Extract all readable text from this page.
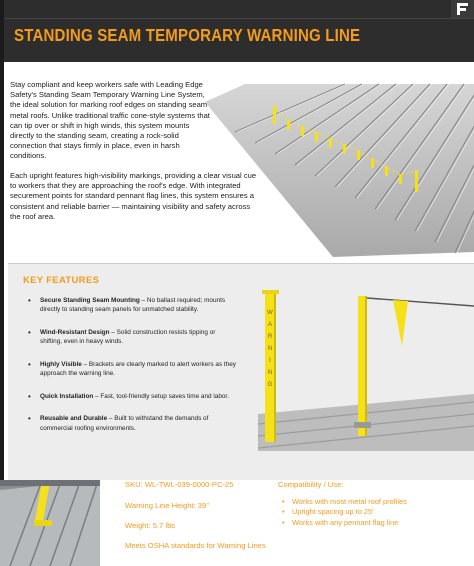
STANDING SEAM TEMPORARY WARNING LINE

Stay compliant and keep workers safe with Leading Edge Safety's Standing Seam Temporary Warning Line System, the ideal solution for marking roof edges on standing seam metal roofs. Unlike traditional traffic cone-style systems that can tip over or shift in high winds, this system mounts directly to the standing seam, creating a rock-solid connection that stays firmly in place, even in harsh conditions.

Each upright features high-visibility markings, providing a clear visual cue to workers that they are approaching the roof's edge. With integrated securement points for standard pennant flag lines, this system ensures a consistent and reliable barrier — maintaining visibility and safety across the roof area.
KEY FEATURES
• Secure Standing Seam Mounting – No ballast required; mounts directly to standing seam panels for unmatched stability.
• Wind-Resistant Design – Solid construction resists tipping or shifting, even in heavy winds.
• Highly Visible – Brackets are clearly marked to alert workers as they approach the warning line.
• Quick Installation – Fast, tool-friendly setup saves time and labor.
• Reusable and Durable – Built to withstand the demands of commercial roofing environments.
W A R N I N G
SKU: WL-TWL-039-0000-PC-25
Warning Line Height: 39"
Weight: 5.7 lbs
Meets OSHA standards for Warning Lines
Compatibility / Use:
• Works with most metal roof profiles
• Upright spacing up to 25'
• Works with any pennant flag line
